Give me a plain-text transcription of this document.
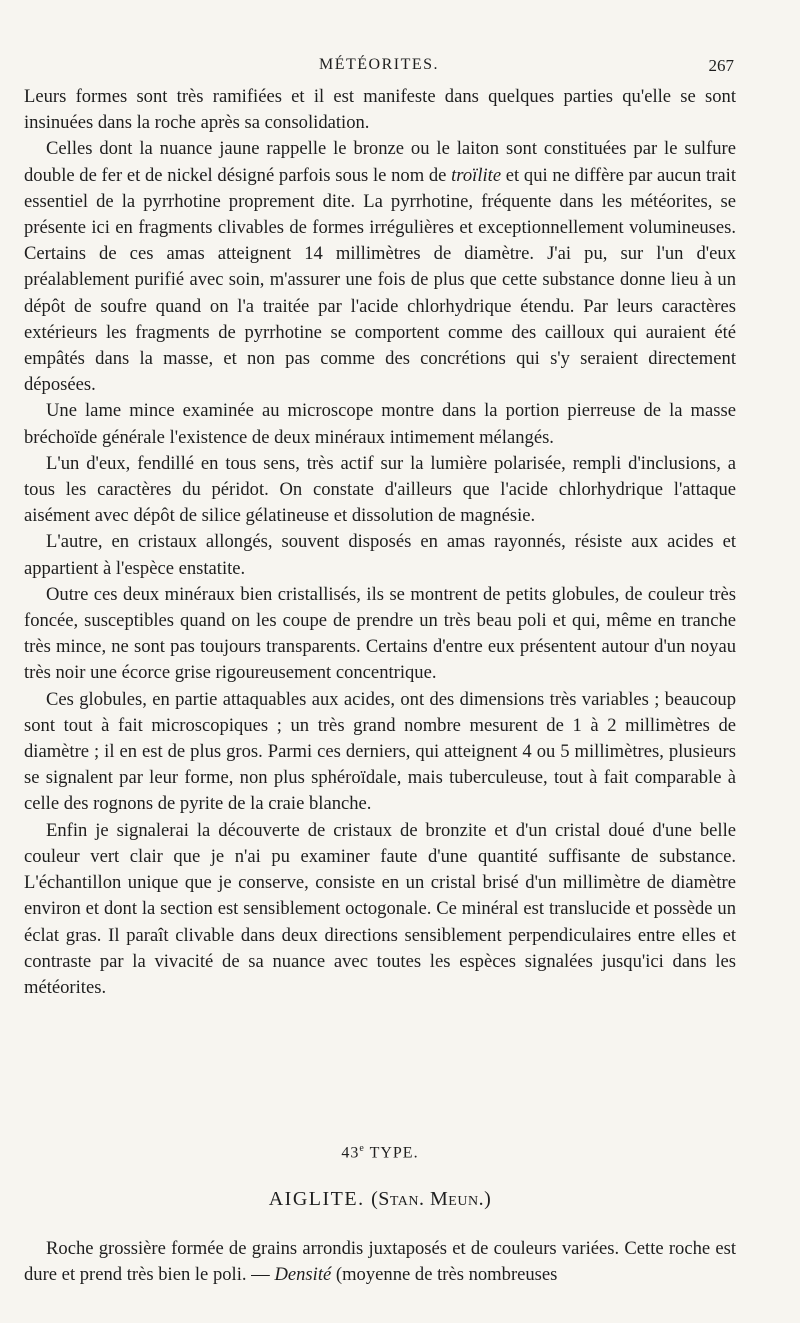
MÉTÉORITES.	267

Leurs formes sont très ramifiées et il est manifeste dans quelques parties qu'elle se sont insinuées dans la roche après sa consolidation.

Celles dont la nuance jaune rappelle le bronze ou le laiton sont constituées par le sulfure double de fer et de nickel désigné parfois sous le nom de troïlite et qui ne diffère par aucun trait essentiel de la pyrrhotine proprement dite. La pyrrhotine, fréquente dans les météorites, se présente ici en fragments clivables de formes irrégulières et exceptionnellement volumineuses. Certains de ces amas atteignent 14 millimètres de diamètre. J'ai pu, sur l'un d'eux préalablement purifié avec soin, m'assurer une fois de plus que cette substance donne lieu à un dépôt de soufre quand on l'a traitée par l'acide chlorhydrique étendu. Par leurs caractères extérieurs les fragments de pyrrhotine se comportent comme des cailloux qui auraient été empâtés dans la masse, et non pas comme des concrétions qui s'y seraient directement déposées.

Une lame mince examinée au microscope montre dans la portion pierreuse de la masse bréchoïde générale l'existence de deux minéraux intimement mélangés.

L'un d'eux, fendillé en tous sens, très actif sur la lumière polarisée, rempli d'inclusions, a tous les caractères du péridot. On constate d'ailleurs que l'acide chlorhydrique l'attaque aisément avec dépôt de silice gélatineuse et dissolution de magnésie.

L'autre, en cristaux allongés, souvent disposés en amas rayonnés, résiste aux acides et appartient à l'espèce enstatite.

Outre ces deux minéraux bien cristallisés, ils se montrent de petits globules, de couleur très foncée, susceptibles quand on les coupe de prendre un très beau poli et qui, même en tranche très mince, ne sont pas toujours transparents. Certains d'entre eux présentent autour d'un noyau très noir une écorce grise rigoureusement concentrique.

Ces globules, en partie attaquables aux acides, ont des dimensions très variables ; beaucoup sont tout à fait microscopiques ; un très grand nombre mesurent de 1 à 2 millimètres de diamètre ; il en est de plus gros. Parmi ces derniers, qui atteignent 4 ou 5 millimètres, plusieurs se signalent par leur forme, non plus sphéroïdale, mais tuberculeuse, tout à fait comparable à celle des rognons de pyrite de la craie blanche.

Enfin je signalerai la découverte de cristaux de bronzite et d'un cristal doué d'une belle couleur vert clair que je n'ai pu examiner faute d'une quantité suffisante de substance. L'échantillon unique que je conserve, consiste en un cristal brisé d'un millimètre de diamètre environ et dont la section est sensiblement octogonale. Ce minéral est translucide et possède un éclat gras. Il paraît clivable dans deux directions sensiblement perpendiculaires entre elles et contraste par la vivacité de sa nuance avec toutes les espèces signalées jusqu'ici dans les météorites.

43e TYPE.
AIGLITE. (Stan. Meun.)

Roche grossière formée de grains arrondis juxtaposés et de couleurs variées. Cette roche est dure et prend très bien le poli. — Densité (moyenne de très nombreuses
